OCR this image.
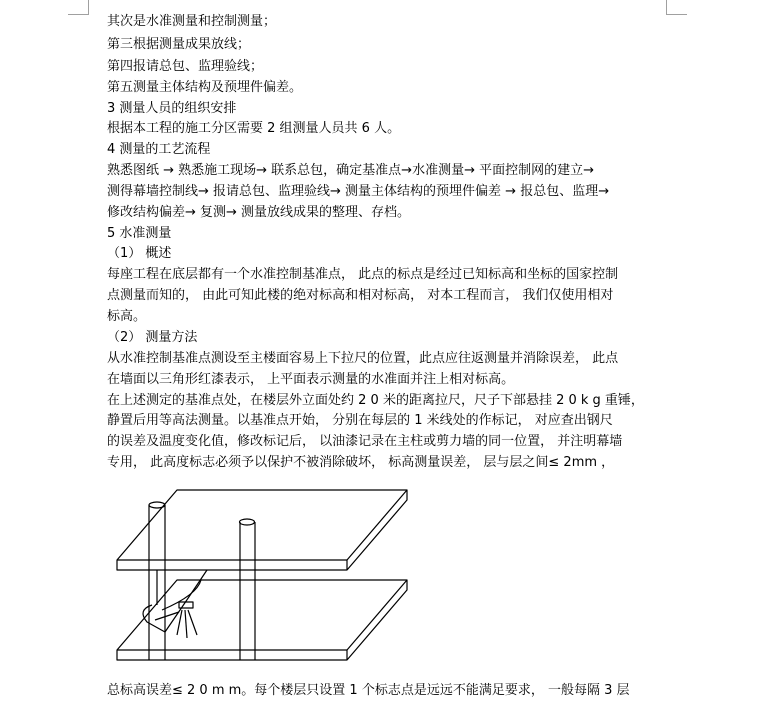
其次是水准测量和控制测量；
第三根据测量成果放线；
第四报请总包、监理验线；
第五测量主体结构及预埋件偏差。
3 测量人员的组织安排
根据本工程的施工分区需要 2 组测量人员共 6 人。
4 测量的工艺流程
熟悉图纸 → 熟悉施工现场→ 联系总包，确定基准点→水准测量→ 平面控制网的建立→
测得幕墙控制线→ 报请总包、监理验线→ 测量主体结构的预埋件偏差 → 报总包、监理→
修改结构偏差→ 复测→ 测量放线成果的整理、存档。
5 水准测量
（1） 概述
每座工程在底层都有一个水准控制基准点， 此点的标点是经过已知标高和坐标的国家控制
点测量而知的， 由此可知此楼的绝对标高和相对标高， 对本工程而言， 我们仅使用相对
标高。
（2） 测量方法
从水准控制基准点测设至主楼面容易上下拉尺的位置，此点应往返测量并消除误差， 此点
在墙面以三角形红漆表示， 上平面表示测量的水准面并注上相对标高。
在上述测定的基准点处，在楼层外立面处约 2 0 米的距离拉尺，尺子下部悬挂 2 0 k g 重锤，
静置后用等高法测量。以基准点开始， 分别在每层的 1 米线处的作标记， 对应查出钢尺
的误差及温度变化值，修改标记后， 以油漆记录在主柱或剪力墙的同一位置， 并注明幕墙
专用， 此高度标志必须予以保护不被消除破坏， 标高测量误差， 层与层之间≤ 2mm ，
总标高误差≤ 2 0 m m。每个楼层只设置 1 个标志点是远远不能满足要求， 一般每隔 3 层
